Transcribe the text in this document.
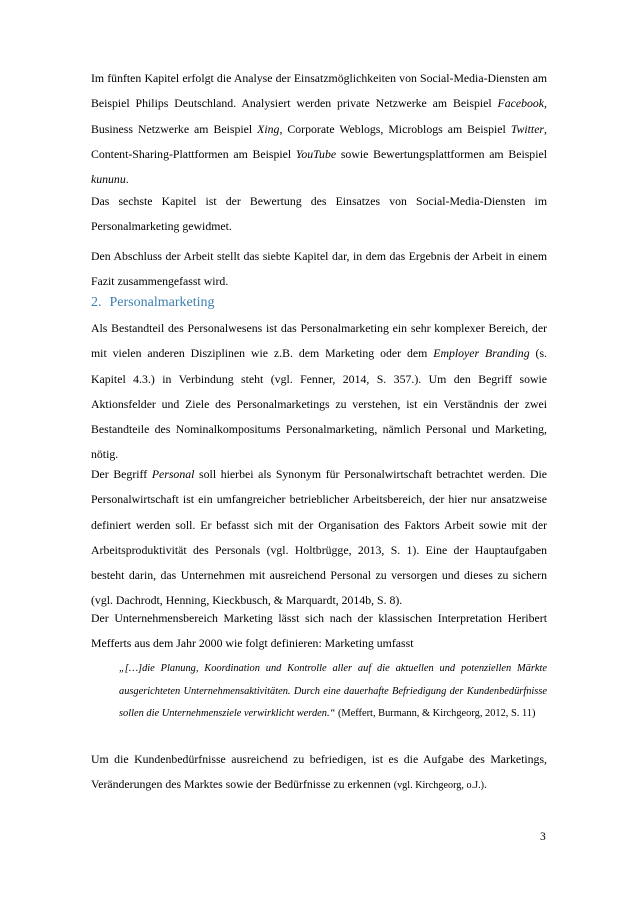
Im fünften Kapitel erfolgt die Analyse der Einsatzmöglichkeiten von Social-Media-Diensten am Beispiel Philips Deutschland. Analysiert werden private Netzwerke am Beispiel Facebook, Business Netzwerke am Beispiel Xing, Corporate Weblogs, Microblogs am Beispiel Twitter, Content-Sharing-Plattformen am Beispiel YouTube sowie Bewertungsplattformen am Beispiel kununu.

Das sechste Kapitel ist der Bewertung des Einsatzes von Social-Media-Diensten im Personalmarketing gewidmet.

Den Abschluss der Arbeit stellt das siebte Kapitel dar, in dem das Ergebnis der Arbeit in einem Fazit zusammengefasst wird.

2. Personalmarketing

Als Bestandteil des Personalwesens ist das Personalmarketing ein sehr komplexer Bereich, der mit vielen anderen Disziplinen wie z.B. dem Marketing oder dem Employer Branding (s. Kapitel 4.3.) in Verbindung steht (vgl. Fenner, 2014, S. 357.). Um den Begriff sowie Aktionsfelder und Ziele des Personalmarketings zu verstehen, ist ein Verständnis der zwei Bestandteile des Nominalkompositums Personalmarketing, nämlich Personal und Marketing, nötig.

Der Begriff Personal soll hierbei als Synonym für Personalwirtschaft betrachtet werden. Die Personalwirtschaft ist ein umfangreicher betrieblicher Arbeitsbereich, der hier nur ansatzweise definiert werden soll. Er befasst sich mit der Organisation des Faktors Arbeit sowie mit der Arbeitsproduktivität des Personals (vgl. Holtbrügge, 2013, S. 1). Eine der Hauptaufgaben besteht darin, das Unternehmen mit ausreichend Personal zu versorgen und dieses zu sichern (vgl. Dachrodt, Henning, Kieckbusch, & Marquardt, 2014b, S. 8).

Der Unternehmensbereich Marketing lässt sich nach der klassischen Interpretation Heribert Mefferts aus dem Jahr 2000 wie folgt definieren: Marketing umfasst

„[…]die Planung, Koordination und Kontrolle aller auf die aktuellen und potenziellen Märkte ausgerichteten Unternehmensaktivitäten. Durch eine dauerhafte Befriedigung der Kundenbedürfnisse sollen die Unternehmensziele verwirklicht werden.“ (Meffert, Burmann, & Kirchgeorg, 2012, S. 11)

Um die Kundenbedürfnisse ausreichend zu befriedigen, ist es die Aufgabe des Marketings, Veränderungen des Marktes sowie der Bedürfnisse zu erkennen (vgl. Kirchgeorg, o.J.).

3
